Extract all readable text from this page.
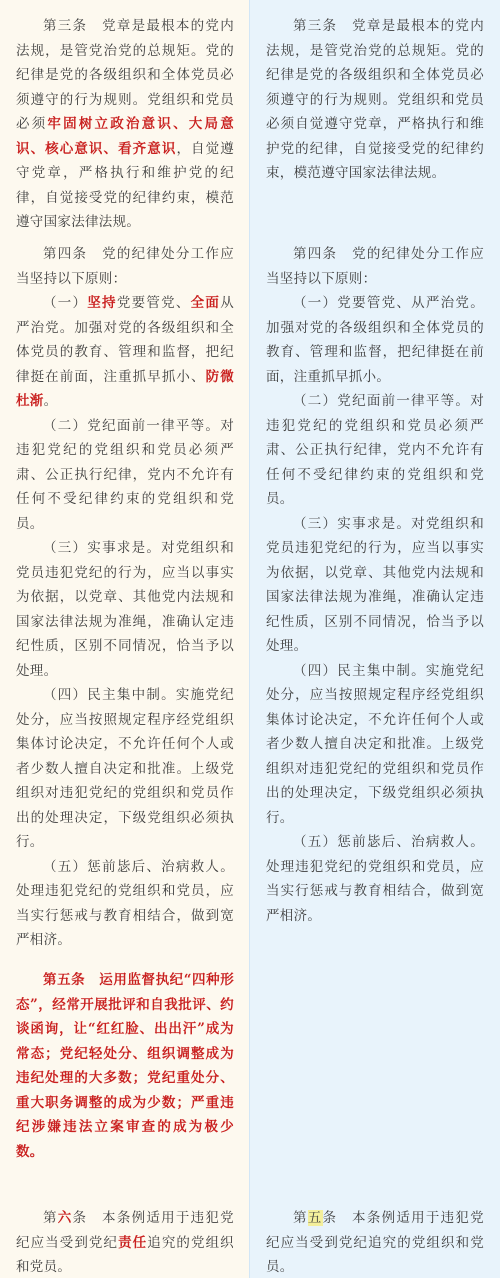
第三条　党章是最根本的党内法规，是管党治党的总规矩。党的纪律是党的各级组织和全体党员必须遵守的行为规则。党组织和党员必须牢固树立政治意识、大局意识、核心意识、看齐意识，自觉遵守党章，严格执行和维护党的纪律，自觉接受党的纪律约束，模范遵守国家法律法规。

第四条　党的纪律处分工作应当坚持以下原则：

（一）坚持党要管党、全面从严治党。加强对党的各级组织和全体党员的教育、管理和监督，把纪律挺在前面，注重抓早抓小、防微杜渐。

（二）党纪面前一律平等。对违犯党纪的党组织和党员必须严肃、公正执行纪律，党内不允许有任何不受纪律约束的党组织和党员。

（三）实事求是。对党组织和党员违犯党纪的行为，应当以事实为依据，以党章、其他党内法规和国家法律法规为准绳，准确认定违纪性质，区别不同情况，恰当予以处理。

（四）民主集中制。实施党纪处分，应当按照规定程序经党组织集体讨论决定，不允许任何个人或者少数人擅自决定和批准。上级党组织对违犯党纪的党组织和党员作出的处理决定，下级党组织必须执行。

（五）惩前毖后、治病救人。处理违犯党纪的党组织和党员，应当实行惩戒与教育相结合，做到宽严相济。

第五条　运用监督执纪“四种形态”，经常开展批评和自我批评、约谈函询，让“红红脸、出出汗”成为常态；党纪轻处分、组织调整成为违纪处理的大多数；党纪重处分、重大职务调整的成为少数；严重违纪涉嫌违法立案审查的成为极少数。

第六条　本条例适用于违犯党纪应当受到党纪责任追究的党组织和党员。

第三条　党章是最根本的党内法规，是管党治党的总规矩。党的纪律是党的各级组织和全体党员必须遵守的行为规则。党组织和党员必须自觉遵守党章，严格执行和维护党的纪律，自觉接受党的纪律约束，模范遵守国家法律法规。

第四条　党的纪律处分工作应当坚持以下原则：

（一）党要管党、从严治党。加强对党的各级组织和全体党员的教育、管理和监督，把纪律挺在前面，注重抓早抓小。

（二）党纪面前一律平等。对违犯党纪的党组织和党员必须严肃、公正执行纪律，党内不允许有任何不受纪律约束的党组织和党员。

（三）实事求是。对党组织和党员违犯党纪的行为，应当以事实为依据，以党章、其他党内法规和国家法律法规为准绳，准确认定违纪性质，区别不同情况，恰当予以处理。

（四）民主集中制。实施党纪处分，应当按照规定程序经党组织集体讨论决定，不允许任何个人或者少数人擅自决定和批准。上级党组织对违犯党纪的党组织和党员作出的处理决定，下级党组织必须执行。

（五）惩前毖后、治病救人。处理违犯党纪的党组织和党员，应当实行惩戒与教育相结合，做到宽严相济。

第五条　本条例适用于违犯党纪应当受到党纪追究的党组织和党员。
